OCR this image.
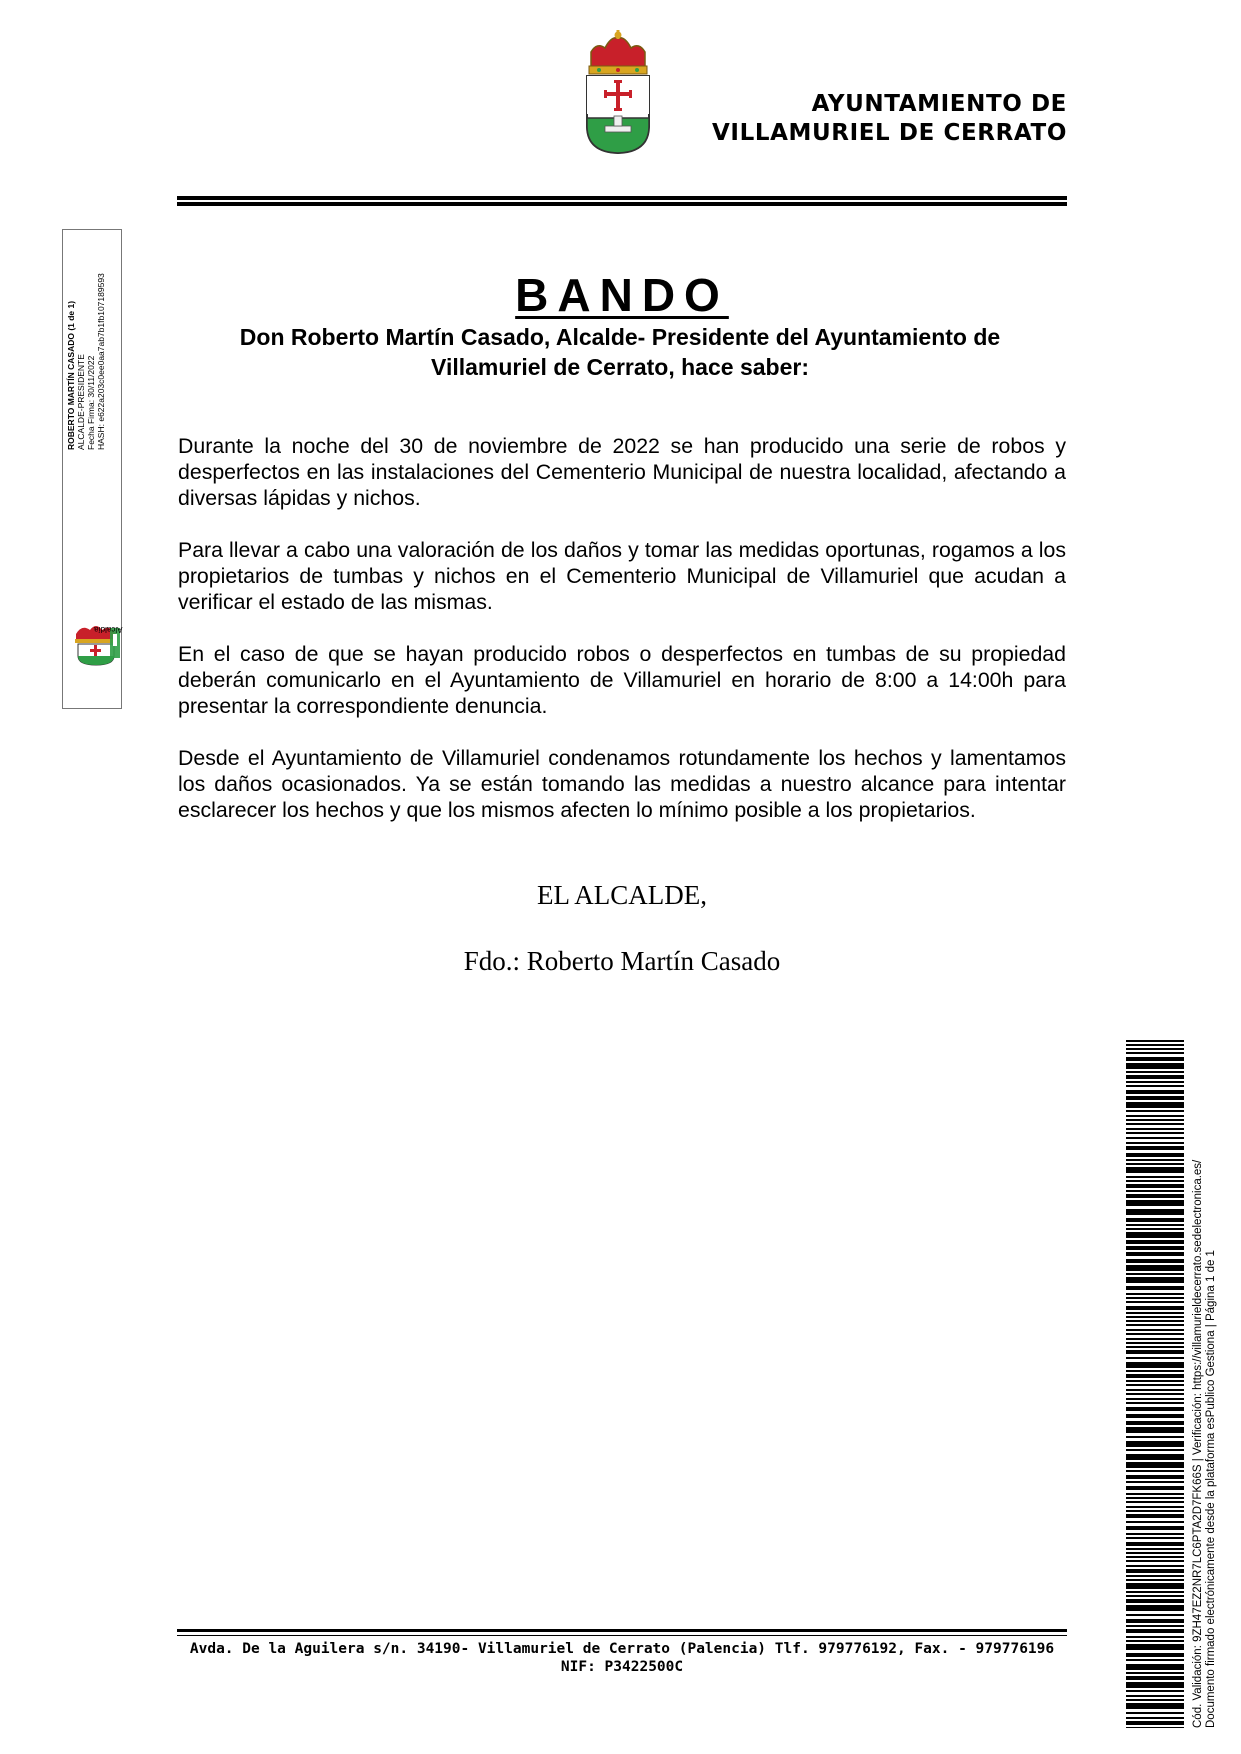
AYUNTAMIENTO DE
VILLAMURIEL DE CERRATO
ROBERTO MARTÍN CASADO (1 de 1) ALCALDE-PRESIDENTE Fecha Firma: 30/11/2022 HASH: e622a203c0ee0aa7ab7b1fb107189593
Alcaldía
BANDO
Don Roberto Martín Casado, Alcalde- Presidente del Ayuntamiento de Villamuriel de Cerrato, hace saber:

Durante la noche del 30 de noviembre de 2022 se han producido una serie de robos y desperfectos en las instalaciones del Cementerio Municipal de nuestra localidad, afectando a diversas lápidas y nichos.

Para llevar a cabo una valoración de los daños y tomar las medidas oportunas, rogamos a los propietarios de tumbas y nichos en el Cementerio Municipal de Villamuriel que acudan a verificar el estado de las mismas.

En el caso de que se hayan producido robos o desperfectos en tumbas de su propiedad deberán comunicarlo en el Ayuntamiento de Villamuriel en horario de 8:00 a 14:00h para presentar la correspondiente denuncia.

Desde el Ayuntamiento de Villamuriel condenamos rotundamente los hechos y lamentamos los daños ocasionados. Ya se están tomando las medidas a nuestro alcance para intentar esclarecer los hechos y que los mismos afecten lo mínimo posible a los propietarios.

EL ALCALDE,
Fdo.: Roberto Martín Casado
Cód. Validación: 9ZH47EZ2NR7LC6PTA2D7FK66S | Verificación: https://villamurieldecerrato.sedelectronica.es/ Documento firmado electrónicamente desde la plataforma esPublico Gestiona | Página 1 de 1
Avda. De la Aguilera s/n. 34190- Villamuriel de Cerrato (Palencia) Tlf. 979776192, Fax. - 979776196
NIF: P3422500C
